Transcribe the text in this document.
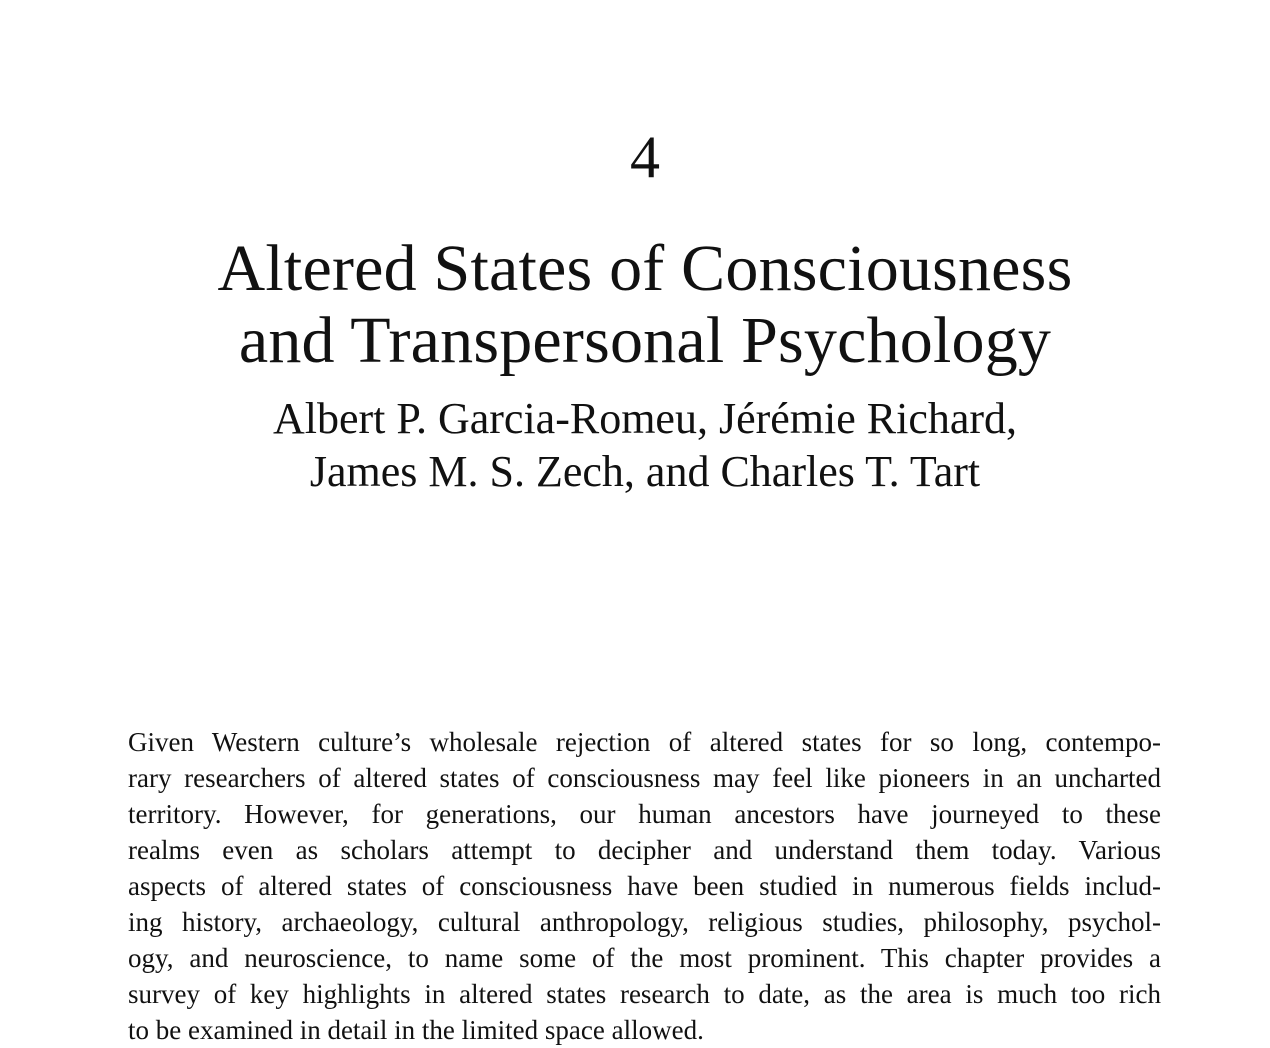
4
Altered States of Consciousness
and Transpersonal Psychology
Albert P. Garcia-Romeu, Jérémie Richard,
James M. S. Zech, and Charles T. Tart
Given Western culture’s wholesale rejection of altered states for so long, contempo-
rary researchers of altered states of consciousness may feel like pioneers in an uncharted
territory. However, for generations, our human ancestors have journeyed to these
realms even as scholars attempt to decipher and understand them today. Various
aspects of altered states of consciousness have been studied in numerous fields includ-
ing history, archaeology, cultural anthropology, religious studies, philosophy, psychol-
ogy, and neuroscience, to name some of the most prominent. This chapter provides a
survey of key highlights in altered states research to date, as the area is much too rich
to be examined in detail in the limited space allowed.
